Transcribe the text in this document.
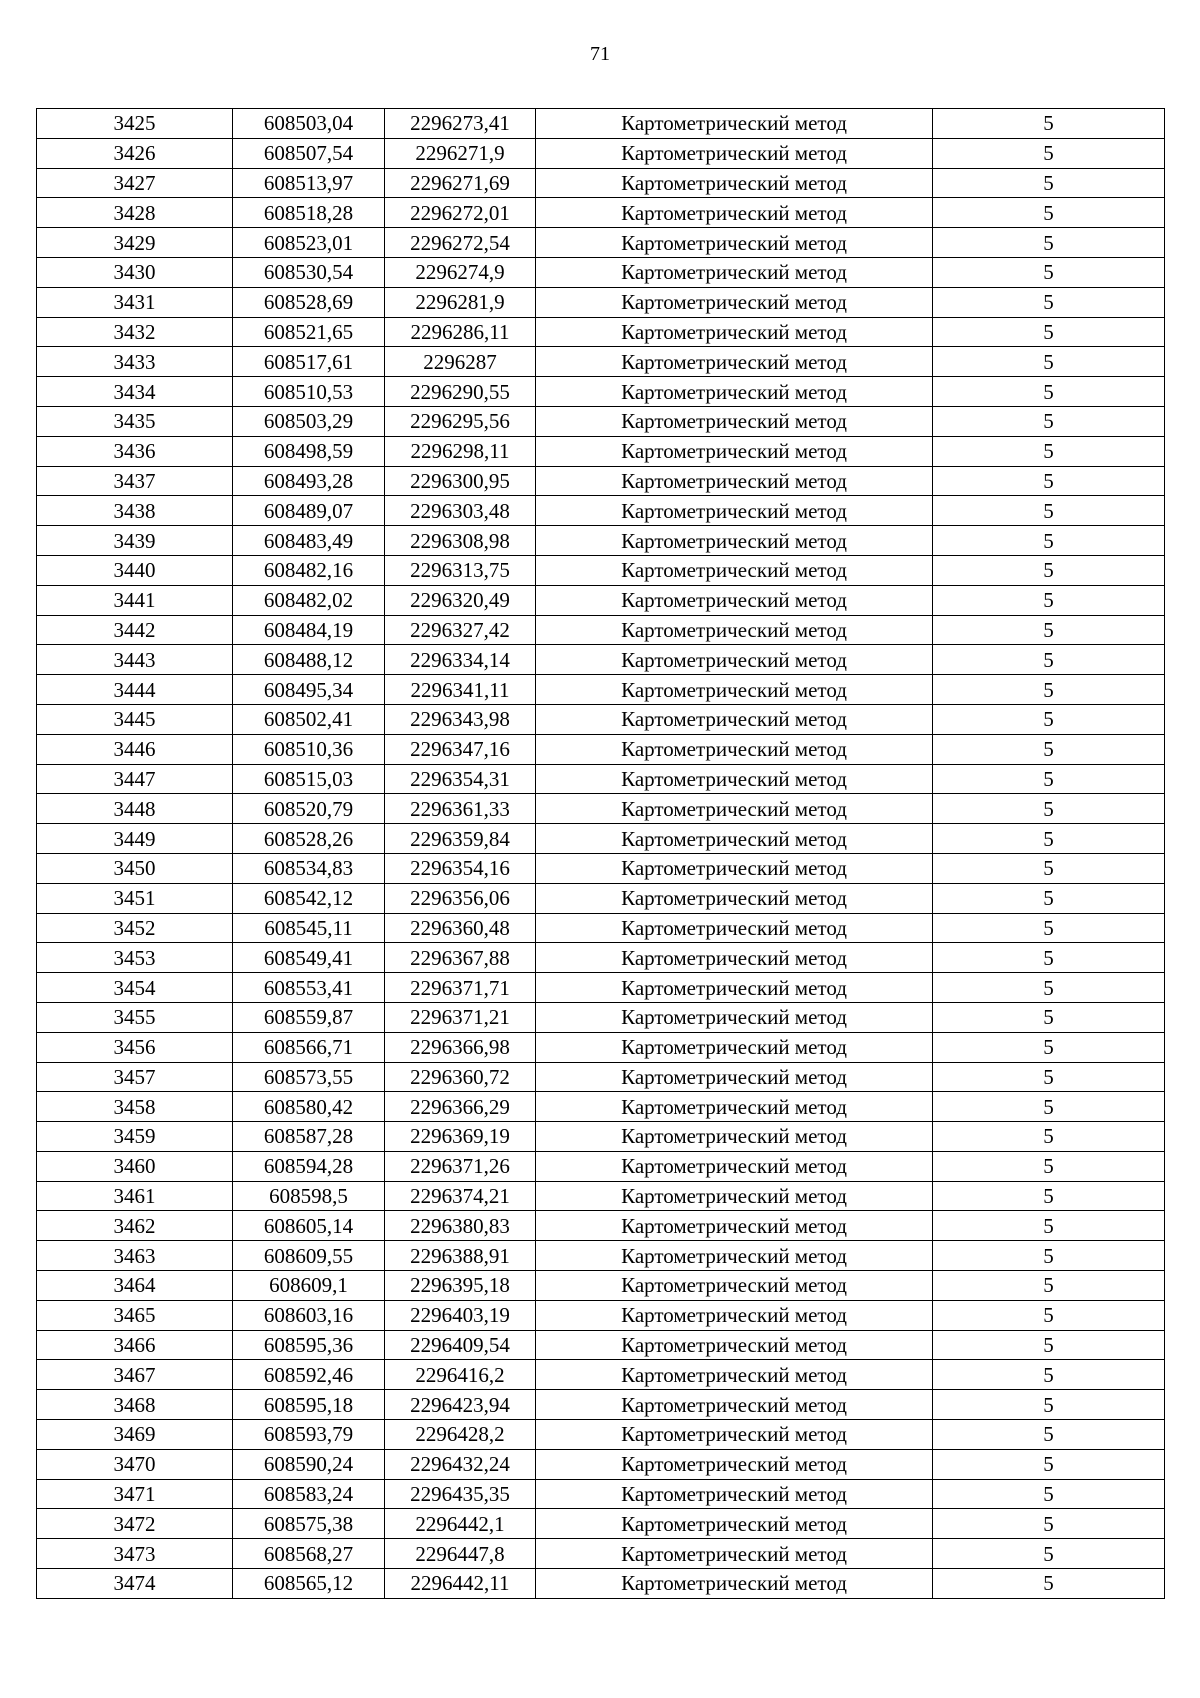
71
3425	608503,04	2296273,41	Картометрический метод	5
3426	608507,54	2296271,9	Картометрический метод	5
3427	608513,97	2296271,69	Картометрический метод	5
3428	608518,28	2296272,01	Картометрический метод	5
3429	608523,01	2296272,54	Картометрический метод	5
3430	608530,54	2296274,9	Картометрический метод	5
3431	608528,69	2296281,9	Картометрический метод	5
3432	608521,65	2296286,11	Картометрический метод	5
3433	608517,61	2296287	Картометрический метод	5
3434	608510,53	2296290,55	Картометрический метод	5
3435	608503,29	2296295,56	Картометрический метод	5
3436	608498,59	2296298,11	Картометрический метод	5
3437	608493,28	2296300,95	Картометрический метод	5
3438	608489,07	2296303,48	Картометрический метод	5
3439	608483,49	2296308,98	Картометрический метод	5
3440	608482,16	2296313,75	Картометрический метод	5
3441	608482,02	2296320,49	Картометрический метод	5
3442	608484,19	2296327,42	Картометрический метод	5
3443	608488,12	2296334,14	Картометрический метод	5
3444	608495,34	2296341,11	Картометрический метод	5
3445	608502,41	2296343,98	Картометрический метод	5
3446	608510,36	2296347,16	Картометрический метод	5
3447	608515,03	2296354,31	Картометрический метод	5
3448	608520,79	2296361,33	Картометрический метод	5
3449	608528,26	2296359,84	Картометрический метод	5
3450	608534,83	2296354,16	Картометрический метод	5
3451	608542,12	2296356,06	Картометрический метод	5
3452	608545,11	2296360,48	Картометрический метод	5
3453	608549,41	2296367,88	Картометрический метод	5
3454	608553,41	2296371,71	Картометрический метод	5
3455	608559,87	2296371,21	Картометрический метод	5
3456	608566,71	2296366,98	Картометрический метод	5
3457	608573,55	2296360,72	Картометрический метод	5
3458	608580,42	2296366,29	Картометрический метод	5
3459	608587,28	2296369,19	Картометрический метод	5
3460	608594,28	2296371,26	Картометрический метод	5
3461	608598,5	2296374,21	Картометрический метод	5
3462	608605,14	2296380,83	Картометрический метод	5
3463	608609,55	2296388,91	Картометрический метод	5
3464	608609,1	2296395,18	Картометрический метод	5
3465	608603,16	2296403,19	Картометрический метод	5
3466	608595,36	2296409,54	Картометрический метод	5
3467	608592,46	2296416,2	Картометрический метод	5
3468	608595,18	2296423,94	Картометрический метод	5
3469	608593,79	2296428,2	Картометрический метод	5
3470	608590,24	2296432,24	Картометрический метод	5
3471	608583,24	2296435,35	Картометрический метод	5
3472	608575,38	2296442,1	Картометрический метод	5
3473	608568,27	2296447,8	Картометрический метод	5
3474	608565,12	2296442,11	Картометрический метод	5
